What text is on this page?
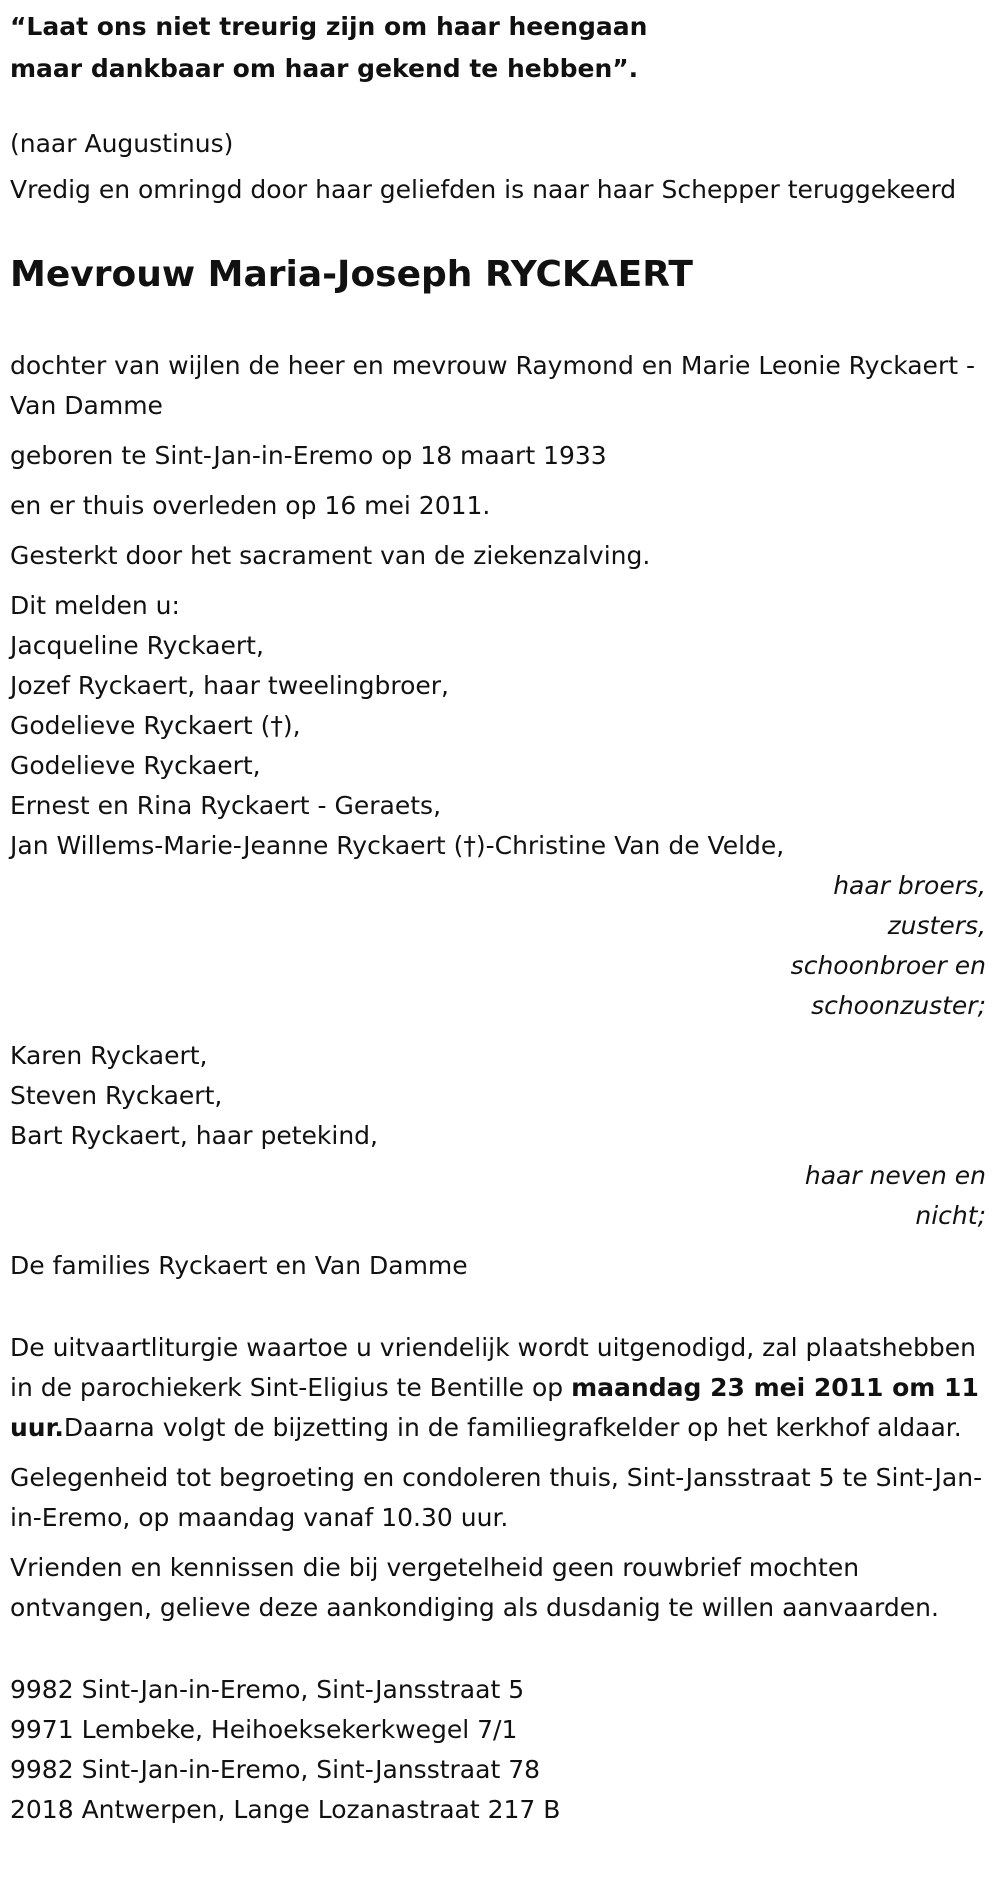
“Laat ons niet treurig zijn om haar heengaan
maar dankbaar om haar gekend te hebben”.
(naar Augustinus)
Vredig en omringd door haar geliefden is naar haar Schepper teruggekeerd
Mevrouw Maria-Joseph RYCKAERT

dochter van wijlen de heer en mevrouw Raymond en Marie Leonie Ryckaert - Van Damme

geboren te Sint-Jan-in-Eremo op 18 maart 1933

en er thuis overleden op 16 mei 2011.

Gesterkt door het sacrament van de ziekenzalving.

Dit melden u:
Jacqueline Ryckaert,
Jozef Ryckaert, haar tweelingbroer,
Godelieve Ryckaert (†),
Godelieve Ryckaert,
Ernest en Rina Ryckaert - Geraets,
Jan Willems-Marie-Jeanne Ryckaert (†)-Christine Van de Velde,
haar broers,
zusters,
schoonbroer en
schoonzuster;
Karen Ryckaert,
Steven Ryckaert,
Bart Ryckaert, haar petekind,
haar neven en
nicht;

De families Ryckaert en Van Damme

De uitvaartliturgie waartoe u vriendelijk wordt uitgenodigd, zal plaatshebben in de parochiekerk Sint-Eligius te Bentille op maandag 23 mei 2011 om 11 uur.Daarna volgt de bijzetting in de familiegrafkelder op het kerkhof aldaar.

Gelegenheid tot begroeting en condoleren thuis, Sint-Jansstraat 5 te Sint-Jan-in-Eremo, op maandag vanaf 10.30 uur.

Vrienden en kennissen die bij vergetelheid geen rouwbrief mochten ontvangen, gelieve deze aankondiging als dusdanig te willen aanvaarden.

9982 Sint-Jan-in-Eremo, Sint-Jansstraat 5
9971 Lembeke, Heihoeksekerkwegel 7/1
9982 Sint-Jan-in-Eremo, Sint-Jansstraat 78
2018 Antwerpen, Lange Lozanastraat 217 B
